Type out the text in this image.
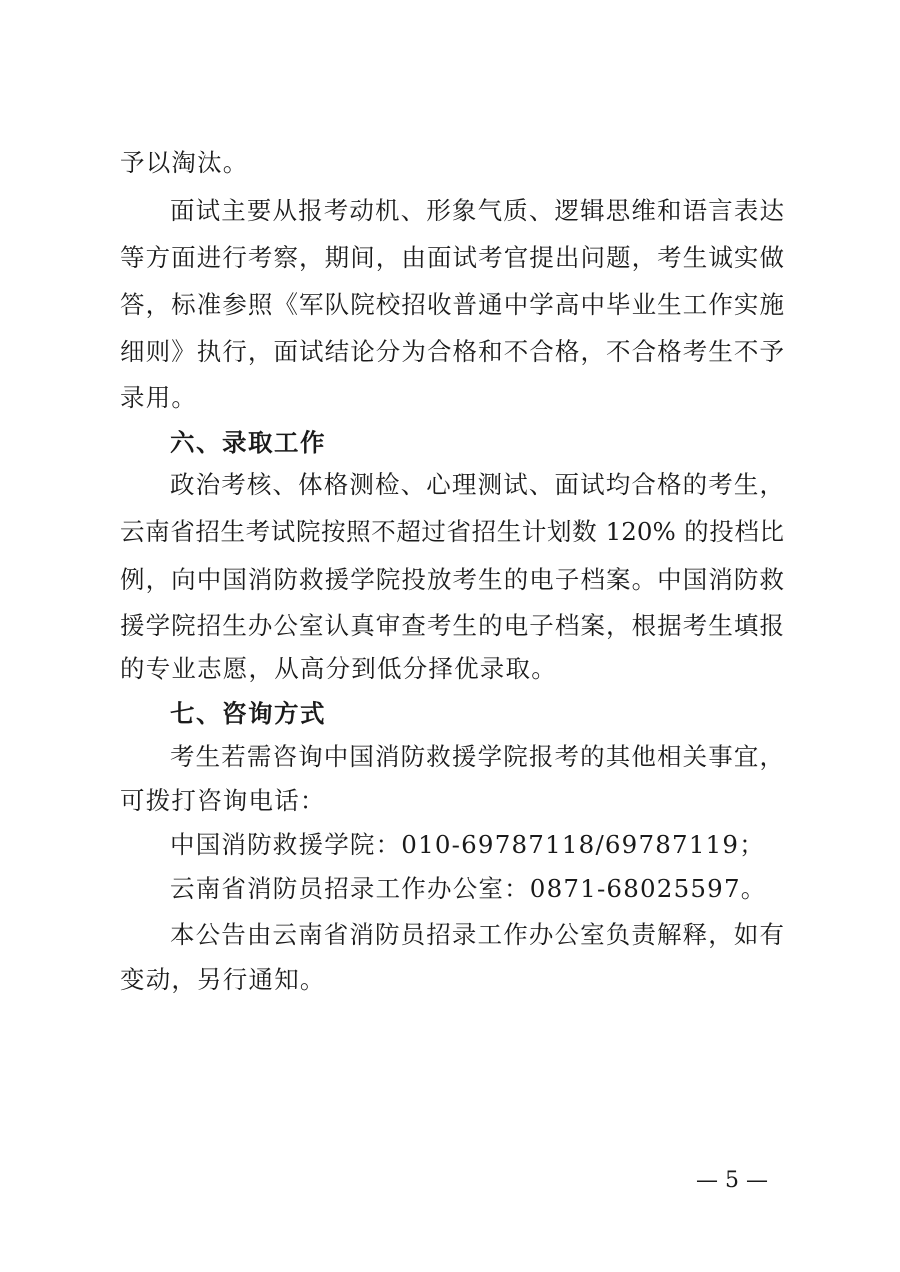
予以淘汰。
面试主要从报考动机、形象气质、逻辑思维和语言表达
等方面进行考察，期间，由面试考官提出问题，考生诚实做
答，标准参照《军队院校招收普通中学高中毕业生工作实施
细则》执行，面试结论分为合格和不合格，不合格考生不予
录用。
六、录取工作
政治考核、体格测检、心理测试、面试均合格的考生，
云南省招生考试院按照不超过省招生计划数 120% 的投档比
例，向中国消防救援学院投放考生的电子档案。中国消防救
援学院招生办公室认真审查考生的电子档案，根据考生填报
的专业志愿，从高分到低分择优录取。
七、咨询方式
考生若需咨询中国消防救援学院报考的其他相关事宜，
可拨打咨询电话：
中国消防救援学院：010-69787118/69787119；
云南省消防员招录工作办公室：0871-68025597。
本公告由云南省消防员招录工作办公室负责解释，如有
变动，另行通知。
— 5 —
